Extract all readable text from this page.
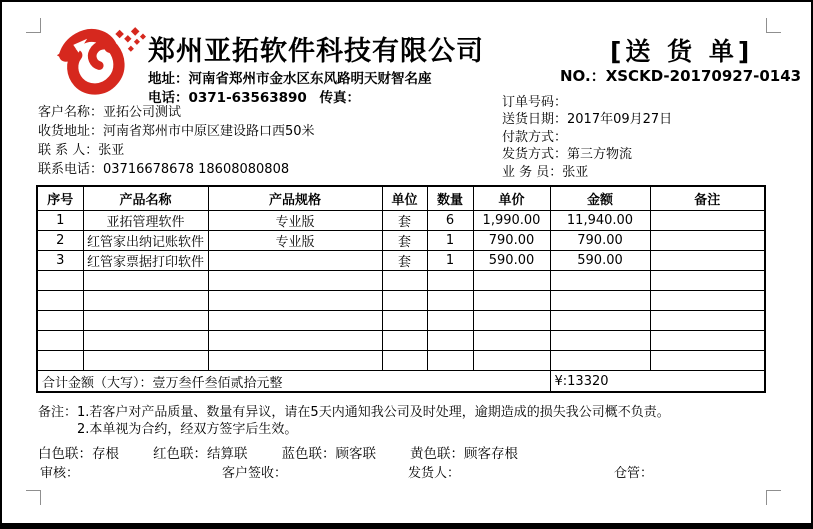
郑州亚拓软件科技有限公司
地址：河南省郑州市金水区东风路明天财智名座
电话：0371-63563890 传真：
[送 货 单]
NO.：XSCKD-20170927-0143
客户名称：亚拓公司测试
收货地址：河南省郑州市中原区建设路口西50米
联 系 人：张亚
联系电话：03716678678 18608080808
订单号码：
送货日期：2017年09月27日
付款方式：
发货方式：第三方物流
业 务 员：张亚
序号	产品名称	产品规格	单位	数量	单价	金额	备注
1	亚拓管理软件	专业版	套	6	1,990.00	11,940.00	
2	红管家出纳记账软件	专业版	套	1	790.00	790.00	
3	红管家票据打印软件		套	1	590.00	590.00	

合计金额（大写）：壹万叁仟叁佰贰拾元整						¥:13320	
备注： 1.若客户对产品质量、数量有异议，请在5天内通知我公司及时处理，逾期造成的损失我公司概不负责。
2.本单视为合约，经双方签字后生效。
白色联：存根	红色联：结算联	蓝色联：顾客联	黄色联：顾客存根
审核：	客户签收：	发货人：	仓管：
